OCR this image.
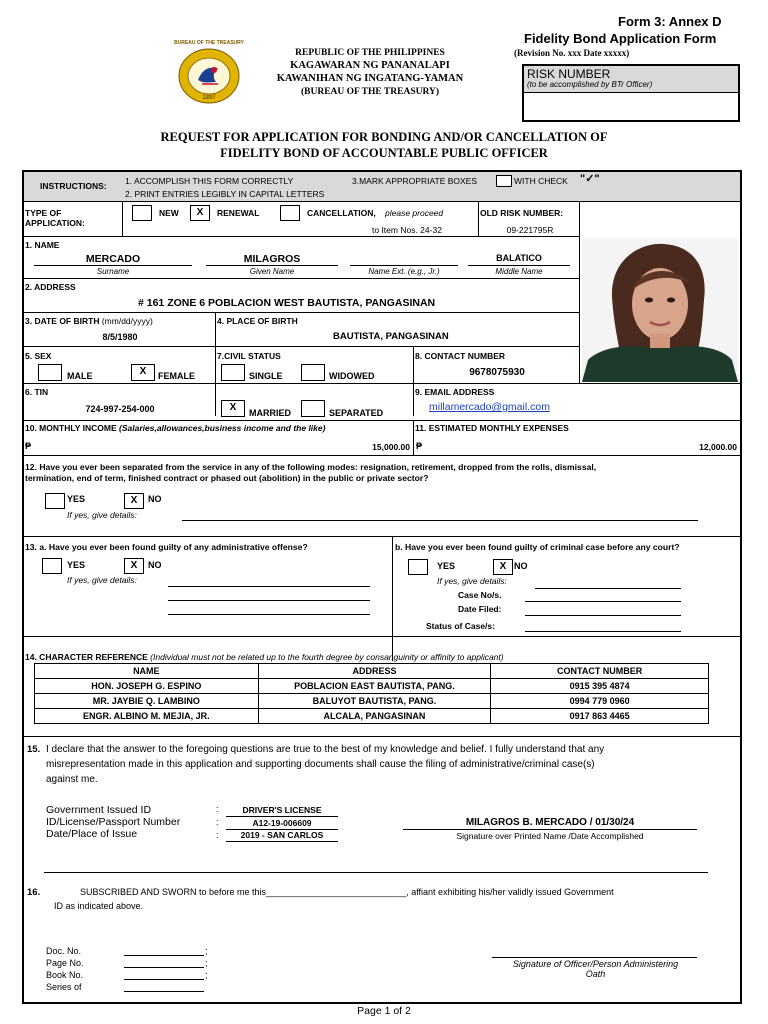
Form 3: Annex D
Fidelity Bond Application Form
(Revision No. xxx Date xxxxx)
BUREAU OF THE TREASURY
1897
REPUBLIC OF THE PHILIPPINES
KAGAWARAN NG PANANALAPI
KAWANIHAN NG INGATANG-YAMAN
(BUREAU OF THE TREASURY)
RISK NUMBER
(to be accomplished by BTr Officer)
REQUEST FOR APPLICATION FOR BONDING AND/OR CANCELLATION OF
FIDELITY BOND OF ACCOUNTABLE PUBLIC OFFICER
INSTRUCTIONS: 1. ACCOMPLISH THIS FORM CORRECTLY
2. PRINT ENTRIES LEGIBLY IN CAPITAL LETTERS
3.MARK APPROPRIATE BOXES	WITH CHECK "✓"
TYPE OF APPLICATION:
NEW	X	RENEWAL	CANCELLATION, please proceed
to Item Nos. 24-32
OLD RISK NUMBER:
09-221795R
1. NAME
MERCADO
Surname
MILAGROS
Given Name	Name Ext. (e.g., Jr.)
BALATICO
Middle Name
2. ADDRESS
# 161 ZONE 6 POBLACION WEST BAUTISTA, PANGASINAN
3. DATE OF BIRTH (mm/dd/yyyy)
8/5/1980
4. PLACE OF BIRTH
BAUTISTA, PANGASINAN
5. SEX
MALE	X	FEMALE
7.CIVIL STATUS
SINGLE	WIDOWED
8. CONTACT NUMBER
9678075930
6. TIN
724-997-254-000	X	MARRIED	SEPARATED
9. EMAIL ADDRESS
millamercado@gmail.com
10. MONTHLY INCOME (Salaries,allowances,business income and the like)
₱	15,000.00
11. ESTIMATED MONTHLY EXPENSES
₱	12,000.00
12. Have you ever been separated from the service in any of the following modes: resignation, retirement, dropped from the rolls, dismissal,
termination, end of term, finished contract or phased out (abolition) in the public or private sector?
YES	X	NO
If yes, give details:
13. a. Have you ever been found guilty of any administrative offense?
YES	X	NO
If yes, give details:
b. Have you ever been found guilty of criminal case before any court?
YES	X NO
If yes, give details:
Case No/s.
Date Filed:
Status of Case/s:
14. CHARACTER REFERENCE (Individual must not be related up to the fourth degree by consanguinity or affinity to applicant)
NAME	ADDRESS	CONTACT NUMBER
HON. JOSEPH G. ESPINO	POBLACION EAST BAUTISTA, PANG.	0915 395 4874
MR. JAYBIE Q. LAMBINO	BALUYOT BAUTISTA, PANG.	0994 779 0960
ENGR. ALBINO M. MEJIA, JR.	ALCALA, PANGASINAN	0917 863 4465
15. I declare that the answer to the foregoing questions are true to the best of my knowledge and belief. I fully understand that any
misrepresentation made in this application and supporting documents shall cause the filing of administrative/criminal case(s)
against me.
Government Issued ID	:	DRIVER'S LICENSE
ID/License/Passport Number	:	A12-19-006609
Date/Place of Issue	:	2019 - SAN CARLOS
MILAGROS B. MERCADO / 01/30/24
Signature over Printed Name /Date Accomplished
16.	SUBSCRIBED AND SWORN to before me this____________________________, affiant exhibiting his/her validly issued Government
ID as indicated above.
Doc. No.	;
Page No.	;
Book No.	;
Series of
Signature of Officer/Person Administering
Oath
Page 1 of 2
